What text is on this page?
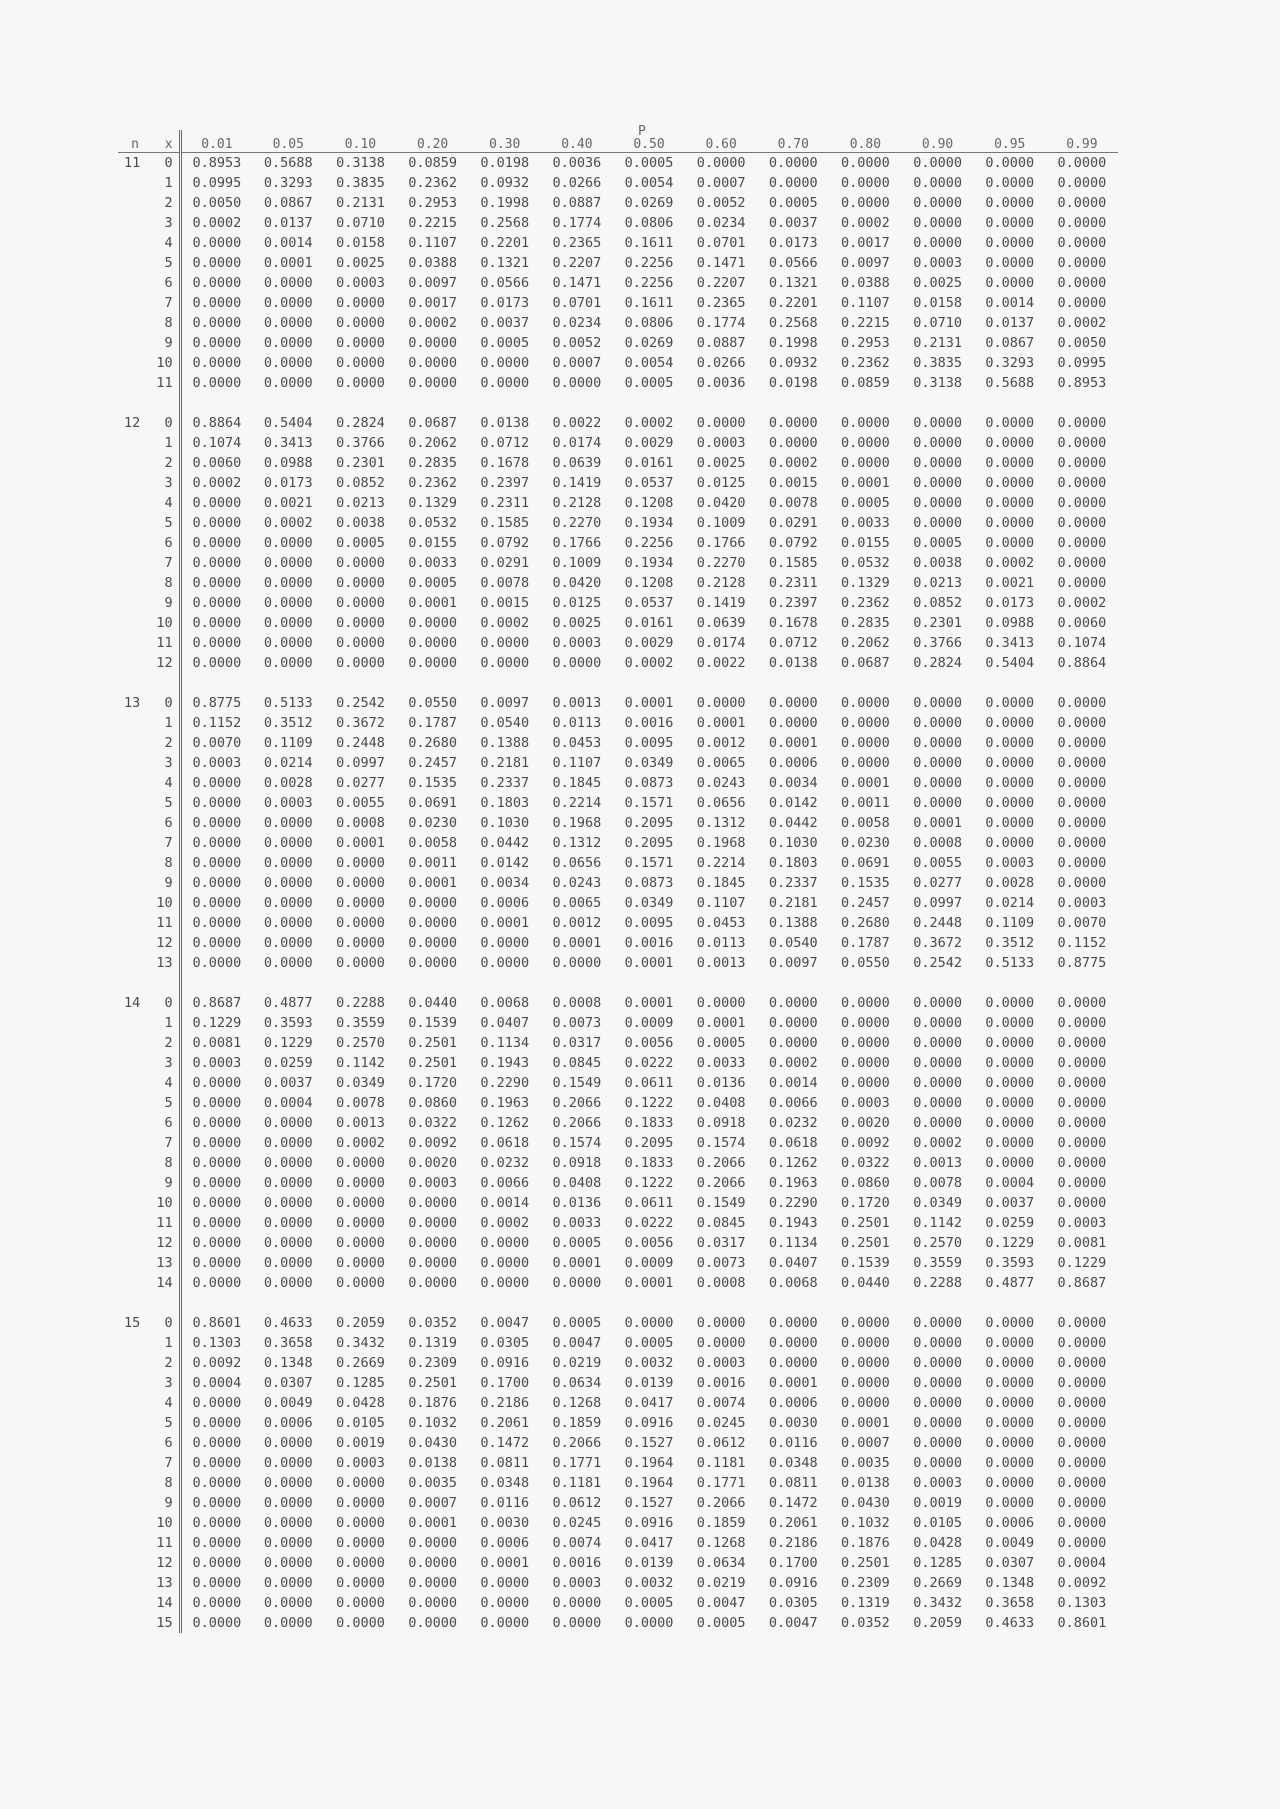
P
n	x	0.01	0.05	0.10	0.20	0.30	0.40	0.50	0.60	0.70	0.80	0.90	0.95	0.99
11	0	0.8953	0.5688	0.3138	0.0859	0.0198	0.0036	0.0005	0.0000	0.0000	0.0000	0.0000	0.0000	0.0000
	1	0.0995	0.3293	0.3835	0.2362	0.0932	0.0266	0.0054	0.0007	0.0000	0.0000	0.0000	0.0000	0.0000
	2	0.0050	0.0867	0.2131	0.2953	0.1998	0.0887	0.0269	0.0052	0.0005	0.0000	0.0000	0.0000	0.0000
	3	0.0002	0.0137	0.0710	0.2215	0.2568	0.1774	0.0806	0.0234	0.0037	0.0002	0.0000	0.0000	0.0000
	4	0.0000	0.0014	0.0158	0.1107	0.2201	0.2365	0.1611	0.0701	0.0173	0.0017	0.0000	0.0000	0.0000
	5	0.0000	0.0001	0.0025	0.0388	0.1321	0.2207	0.2256	0.1471	0.0566	0.0097	0.0003	0.0000	0.0000
	6	0.0000	0.0000	0.0003	0.0097	0.0566	0.1471	0.2256	0.2207	0.1321	0.0388	0.0025	0.0000	0.0000
	7	0.0000	0.0000	0.0000	0.0017	0.0173	0.0701	0.1611	0.2365	0.2201	0.1107	0.0158	0.0014	0.0000
	8	0.0000	0.0000	0.0000	0.0002	0.0037	0.0234	0.0806	0.1774	0.2568	0.2215	0.0710	0.0137	0.0002
	9	0.0000	0.0000	0.0000	0.0000	0.0005	0.0052	0.0269	0.0887	0.1998	0.2953	0.2131	0.0867	0.0050
	10	0.0000	0.0000	0.0000	0.0000	0.0000	0.0007	0.0054	0.0266	0.0932	0.2362	0.3835	0.3293	0.0995
	11	0.0000	0.0000	0.0000	0.0000	0.0000	0.0000	0.0005	0.0036	0.0198	0.0859	0.3138	0.5688	0.8953

12	0	0.8864	0.5404	0.2824	0.0687	0.0138	0.0022	0.0002	0.0000	0.0000	0.0000	0.0000	0.0000	0.0000
	1	0.1074	0.3413	0.3766	0.2062	0.0712	0.0174	0.0029	0.0003	0.0000	0.0000	0.0000	0.0000	0.0000
	2	0.0060	0.0988	0.2301	0.2835	0.1678	0.0639	0.0161	0.0025	0.0002	0.0000	0.0000	0.0000	0.0000
	3	0.0002	0.0173	0.0852	0.2362	0.2397	0.1419	0.0537	0.0125	0.0015	0.0001	0.0000	0.0000	0.0000
	4	0.0000	0.0021	0.0213	0.1329	0.2311	0.2128	0.1208	0.0420	0.0078	0.0005	0.0000	0.0000	0.0000
	5	0.0000	0.0002	0.0038	0.0532	0.1585	0.2270	0.1934	0.1009	0.0291	0.0033	0.0000	0.0000	0.0000
	6	0.0000	0.0000	0.0005	0.0155	0.0792	0.1766	0.2256	0.1766	0.0792	0.0155	0.0005	0.0000	0.0000
	7	0.0000	0.0000	0.0000	0.0033	0.0291	0.1009	0.1934	0.2270	0.1585	0.0532	0.0038	0.0002	0.0000
	8	0.0000	0.0000	0.0000	0.0005	0.0078	0.0420	0.1208	0.2128	0.2311	0.1329	0.0213	0.0021	0.0000
	9	0.0000	0.0000	0.0000	0.0001	0.0015	0.0125	0.0537	0.1419	0.2397	0.2362	0.0852	0.0173	0.0002
	10	0.0000	0.0000	0.0000	0.0000	0.0002	0.0025	0.0161	0.0639	0.1678	0.2835	0.2301	0.0988	0.0060
	11	0.0000	0.0000	0.0000	0.0000	0.0000	0.0003	0.0029	0.0174	0.0712	0.2062	0.3766	0.3413	0.1074
	12	0.0000	0.0000	0.0000	0.0000	0.0000	0.0000	0.0002	0.0022	0.0138	0.0687	0.2824	0.5404	0.8864

13	0	0.8775	0.5133	0.2542	0.0550	0.0097	0.0013	0.0001	0.0000	0.0000	0.0000	0.0000	0.0000	0.0000
	1	0.1152	0.3512	0.3672	0.1787	0.0540	0.0113	0.0016	0.0001	0.0000	0.0000	0.0000	0.0000	0.0000
	2	0.0070	0.1109	0.2448	0.2680	0.1388	0.0453	0.0095	0.0012	0.0001	0.0000	0.0000	0.0000	0.0000
	3	0.0003	0.0214	0.0997	0.2457	0.2181	0.1107	0.0349	0.0065	0.0006	0.0000	0.0000	0.0000	0.0000
	4	0.0000	0.0028	0.0277	0.1535	0.2337	0.1845	0.0873	0.0243	0.0034	0.0001	0.0000	0.0000	0.0000
	5	0.0000	0.0003	0.0055	0.0691	0.1803	0.2214	0.1571	0.0656	0.0142	0.0011	0.0000	0.0000	0.0000
	6	0.0000	0.0000	0.0008	0.0230	0.1030	0.1968	0.2095	0.1312	0.0442	0.0058	0.0001	0.0000	0.0000
	7	0.0000	0.0000	0.0001	0.0058	0.0442	0.1312	0.2095	0.1968	0.1030	0.0230	0.0008	0.0000	0.0000
	8	0.0000	0.0000	0.0000	0.0011	0.0142	0.0656	0.1571	0.2214	0.1803	0.0691	0.0055	0.0003	0.0000
	9	0.0000	0.0000	0.0000	0.0001	0.0034	0.0243	0.0873	0.1845	0.2337	0.1535	0.0277	0.0028	0.0000
	10	0.0000	0.0000	0.0000	0.0000	0.0006	0.0065	0.0349	0.1107	0.2181	0.2457	0.0997	0.0214	0.0003
	11	0.0000	0.0000	0.0000	0.0000	0.0001	0.0012	0.0095	0.0453	0.1388	0.2680	0.2448	0.1109	0.0070
	12	0.0000	0.0000	0.0000	0.0000	0.0000	0.0001	0.0016	0.0113	0.0540	0.1787	0.3672	0.3512	0.1152
	13	0.0000	0.0000	0.0000	0.0000	0.0000	0.0000	0.0001	0.0013	0.0097	0.0550	0.2542	0.5133	0.8775

14	0	0.8687	0.4877	0.2288	0.0440	0.0068	0.0008	0.0001	0.0000	0.0000	0.0000	0.0000	0.0000	0.0000
	1	0.1229	0.3593	0.3559	0.1539	0.0407	0.0073	0.0009	0.0001	0.0000	0.0000	0.0000	0.0000	0.0000
	2	0.0081	0.1229	0.2570	0.2501	0.1134	0.0317	0.0056	0.0005	0.0000	0.0000	0.0000	0.0000	0.0000
	3	0.0003	0.0259	0.1142	0.2501	0.1943	0.0845	0.0222	0.0033	0.0002	0.0000	0.0000	0.0000	0.0000
	4	0.0000	0.0037	0.0349	0.1720	0.2290	0.1549	0.0611	0.0136	0.0014	0.0000	0.0000	0.0000	0.0000
	5	0.0000	0.0004	0.0078	0.0860	0.1963	0.2066	0.1222	0.0408	0.0066	0.0003	0.0000	0.0000	0.0000
	6	0.0000	0.0000	0.0013	0.0322	0.1262	0.2066	0.1833	0.0918	0.0232	0.0020	0.0000	0.0000	0.0000
	7	0.0000	0.0000	0.0002	0.0092	0.0618	0.1574	0.2095	0.1574	0.0618	0.0092	0.0002	0.0000	0.0000
	8	0.0000	0.0000	0.0000	0.0020	0.0232	0.0918	0.1833	0.2066	0.1262	0.0322	0.0013	0.0000	0.0000
	9	0.0000	0.0000	0.0000	0.0003	0.0066	0.0408	0.1222	0.2066	0.1963	0.0860	0.0078	0.0004	0.0000
	10	0.0000	0.0000	0.0000	0.0000	0.0014	0.0136	0.0611	0.1549	0.2290	0.1720	0.0349	0.0037	0.0000
	11	0.0000	0.0000	0.0000	0.0000	0.0002	0.0033	0.0222	0.0845	0.1943	0.2501	0.1142	0.0259	0.0003
	12	0.0000	0.0000	0.0000	0.0000	0.0000	0.0005	0.0056	0.0317	0.1134	0.2501	0.2570	0.1229	0.0081
	13	0.0000	0.0000	0.0000	0.0000	0.0000	0.0001	0.0009	0.0073	0.0407	0.1539	0.3559	0.3593	0.1229
	14	0.0000	0.0000	0.0000	0.0000	0.0000	0.0000	0.0001	0.0008	0.0068	0.0440	0.2288	0.4877	0.8687

15	0	0.8601	0.4633	0.2059	0.0352	0.0047	0.0005	0.0000	0.0000	0.0000	0.0000	0.0000	0.0000	0.0000
	1	0.1303	0.3658	0.3432	0.1319	0.0305	0.0047	0.0005	0.0000	0.0000	0.0000	0.0000	0.0000	0.0000
	2	0.0092	0.1348	0.2669	0.2309	0.0916	0.0219	0.0032	0.0003	0.0000	0.0000	0.0000	0.0000	0.0000
	3	0.0004	0.0307	0.1285	0.2501	0.1700	0.0634	0.0139	0.0016	0.0001	0.0000	0.0000	0.0000	0.0000
	4	0.0000	0.0049	0.0428	0.1876	0.2186	0.1268	0.0417	0.0074	0.0006	0.0000	0.0000	0.0000	0.0000
	5	0.0000	0.0006	0.0105	0.1032	0.2061	0.1859	0.0916	0.0245	0.0030	0.0001	0.0000	0.0000	0.0000
	6	0.0000	0.0000	0.0019	0.0430	0.1472	0.2066	0.1527	0.0612	0.0116	0.0007	0.0000	0.0000	0.0000
	7	0.0000	0.0000	0.0003	0.0138	0.0811	0.1771	0.1964	0.1181	0.0348	0.0035	0.0000	0.0000	0.0000
	8	0.0000	0.0000	0.0000	0.0035	0.0348	0.1181	0.1964	0.1771	0.0811	0.0138	0.0003	0.0000	0.0000
	9	0.0000	0.0000	0.0000	0.0007	0.0116	0.0612	0.1527	0.2066	0.1472	0.0430	0.0019	0.0000	0.0000
	10	0.0000	0.0000	0.0000	0.0001	0.0030	0.0245	0.0916	0.1859	0.2061	0.1032	0.0105	0.0006	0.0000
	11	0.0000	0.0000	0.0000	0.0000	0.0006	0.0074	0.0417	0.1268	0.2186	0.1876	0.0428	0.0049	0.0000
	12	0.0000	0.0000	0.0000	0.0000	0.0001	0.0016	0.0139	0.0634	0.1700	0.2501	0.1285	0.0307	0.0004
	13	0.0000	0.0000	0.0000	0.0000	0.0000	0.0003	0.0032	0.0219	0.0916	0.2309	0.2669	0.1348	0.0092
	14	0.0000	0.0000	0.0000	0.0000	0.0000	0.0000	0.0005	0.0047	0.0305	0.1319	0.3432	0.3658	0.1303
	15	0.0000	0.0000	0.0000	0.0000	0.0000	0.0000	0.0000	0.0005	0.0047	0.0352	0.2059	0.4633	0.8601
